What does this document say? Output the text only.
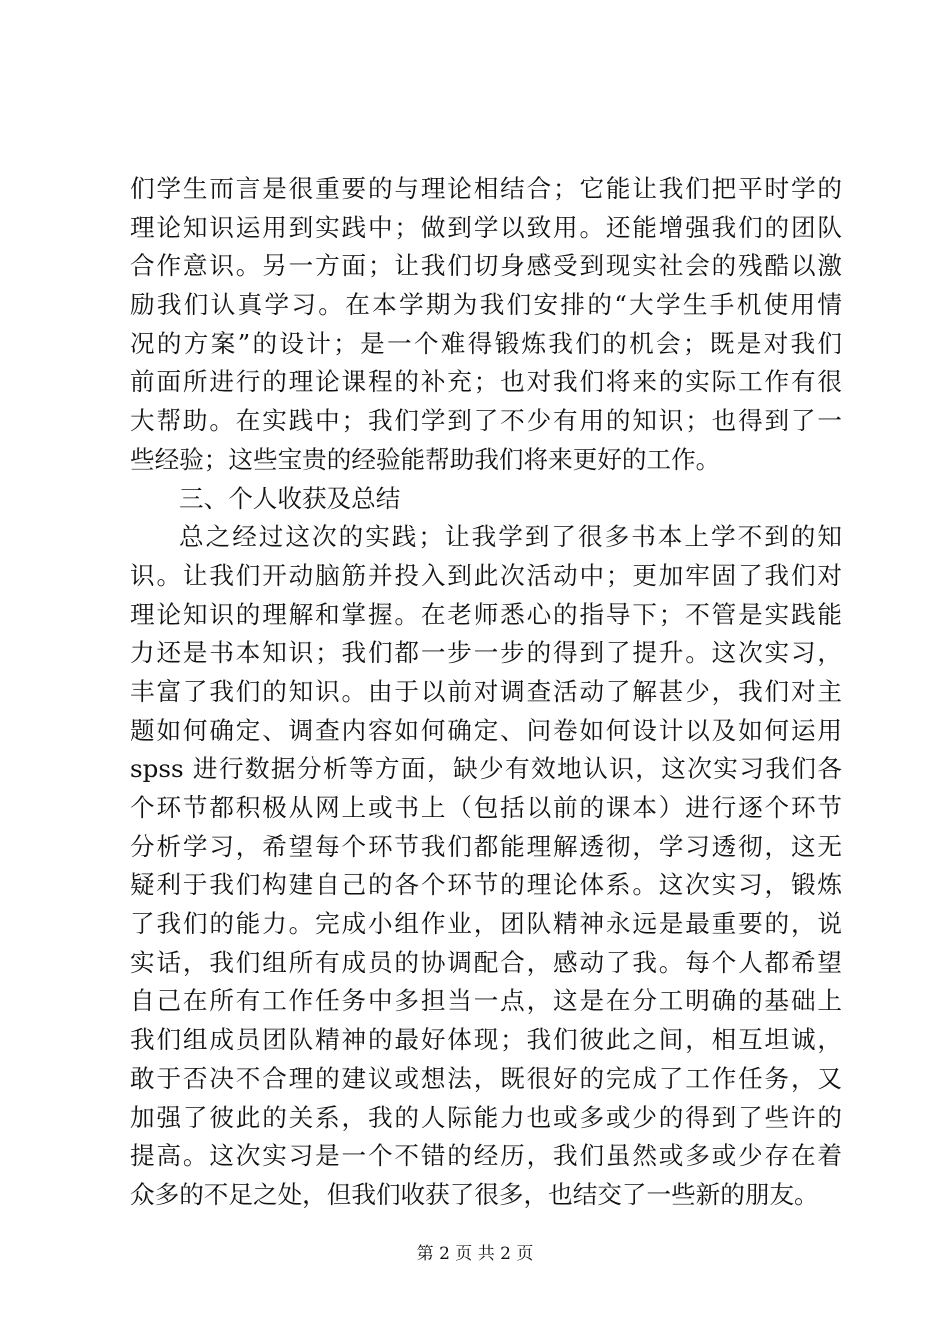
们学生而言是很重要的与理论相结合；它能让我们把平时学的
理论知识运用到实践中；做到学以致用。还能增强我们的团队
合作意识。另一方面；让我们切身感受到现实社会的残酷以激
励我们认真学习。在本学期为我们安排的“大学生手机使用情
况的方案”的设计；是一个难得锻炼我们的机会；既是对我们
前面所进行的理论课程的补充；也对我们将来的实际工作有很
大帮助。在实践中；我们学到了不少有用的知识；也得到了一
些经验；这些宝贵的经验能帮助我们将来更好的工作。
三、个人收获及总结
总之经过这次的实践；让我学到了很多书本上学不到的知
识。让我们开动脑筋并投入到此次活动中；更加牢固了我们对
理论知识的理解和掌握。在老师悉心的指导下；不管是实践能
力还是书本知识；我们都一步一步的得到了提升。这次实习，
丰富了我们的知识。由于以前对调查活动了解甚少，我们对主
题如何确定、调查内容如何确定、问卷如何设计以及如何运用
spss 进行数据分析等方面，缺少有效地认识，这次实习我们各
个环节都积极从网上或书上（包括以前的课本）进行逐个环节
分析学习，希望每个环节我们都能理解透彻，学习透彻，这无
疑利于我们构建自己的各个环节的理论体系。这次实习，锻炼
了我们的能力。完成小组作业，团队精神永远是最重要的，说
实话，我们组所有成员的协调配合，感动了我。每个人都希望
自己在所有工作任务中多担当一点，这是在分工明确的基础上
我们组成员团队精神的最好体现；我们彼此之间，相互坦诚，
敢于否决不合理的建议或想法，既很好的完成了工作任务，又
加强了彼此的关系，我的人际能力也或多或少的得到了些许的
提高。这次实习是一个不错的经历，我们虽然或多或少存在着
众多的不足之处，但我们收获了很多，也结交了一些新的朋友。
第 2 页 共 2 页
